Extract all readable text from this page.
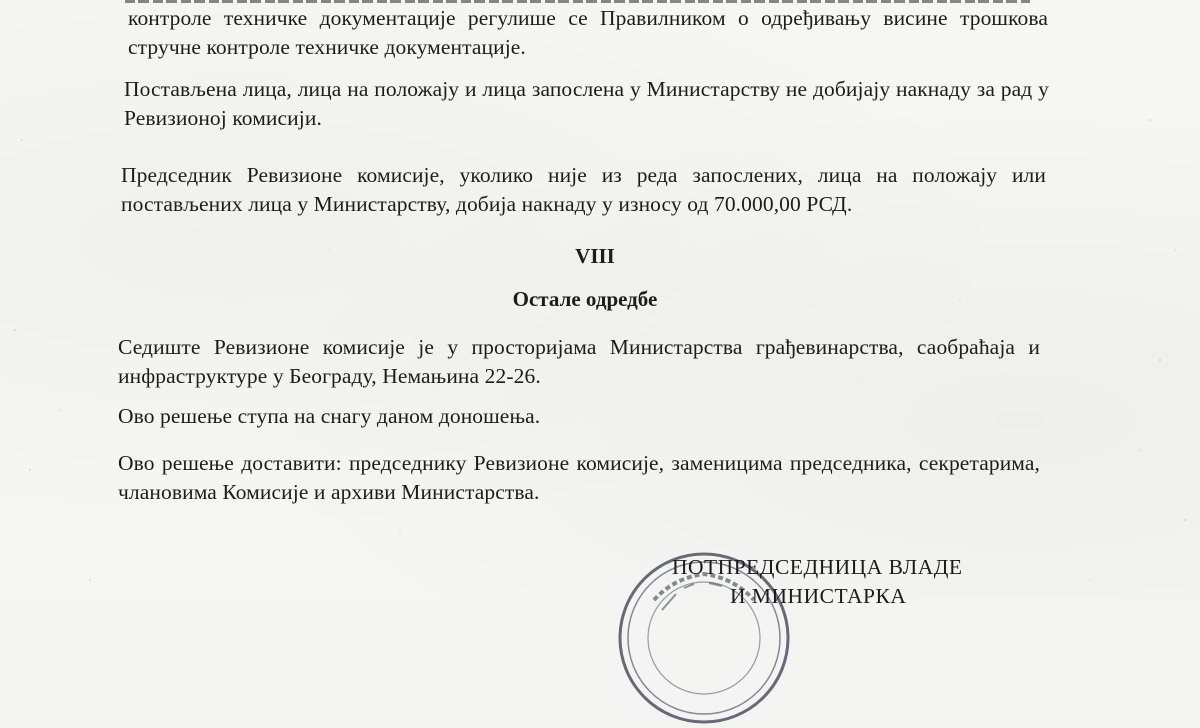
контроле техничке документације регулише се Правилником о одређивању висине трошкова стручне контроле техничке документације.

Постављена лица, лица на положају и лица запослена у Министарству не добијају накнаду за рад у Ревизионој комисији.

Председник Ревизионе комисије, уколико није из реда запослених, лица на положају или постављених лица у Министарству, добија накнаду у износу од 70.000,00 РСД.

VIII
Остале одредбе

Седиште Ревизионе комисије је у просторијама Министарства грађевинарства, саобраћаја и инфраструктуре у Београду, Немањина 22-26.

Ово решење ступа на снагу даном доношења.

Ово решење доставити: председнику Ревизионе комисије, заменицима председника, секретарима, члановима Комисије и архиви Министарства.

ПОТПРЕДСЕДНИЦА ВЛАДЕ
И МИНИСТАРКА
